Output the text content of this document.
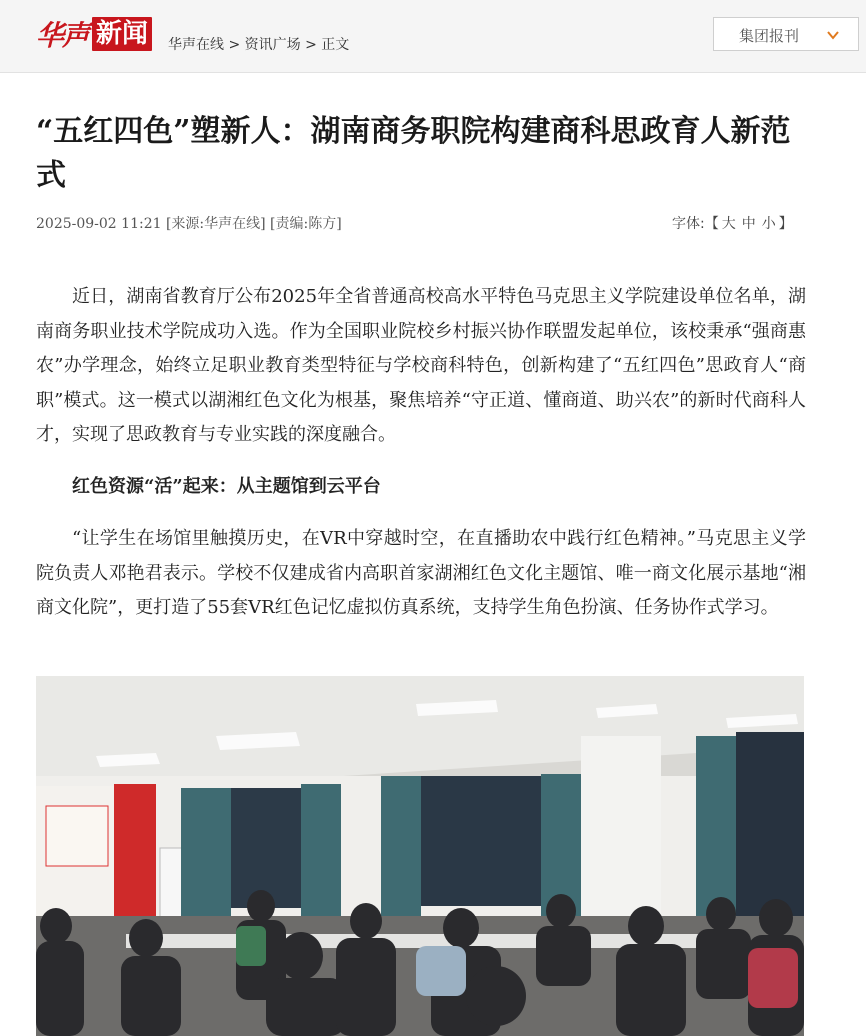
华声 新闻 华声在线 > 资讯广场 > 正文	集团报刊
“五红四色”塑新人：湖南商务职院构建商科思政育人新范式
2025-09-02 11:21 [来源:华声在线] [责编:陈方]	字体:【 大 中 小 】

近日，湖南省教育厅公布2025年全省普通高校高水平特色马克思主义学院建设单位名单，湖南商务职业技术学院成功入选。作为全国职业院校乡村振兴协作联盟发起单位，该校秉承“强商惠农”办学理念，始终立足职业教育类型特征与学校商科特色，创新构建了“五红四色”思政育人“商职”模式。这一模式以湖湘红色文化为根基，聚焦培养“守正道、懂商道、助兴农”的新时代商科人才，实现了思政教育与专业实践的深度融合。

红色资源“活”起来：从主题馆到云平台

“让学生在场馆里触摸历史，在VR中穿越时空，在直播助农中践行红色精神。”马克思主义学院负责人邓艳君表示。学校不仅建成省内高职首家湖湘红色文化主题馆、唯一商文化展示基地“湘商文化院”，更打造了55套VR红色记忆虚拟仿真系统，支持学生角色扮演、任务协作式学习。
